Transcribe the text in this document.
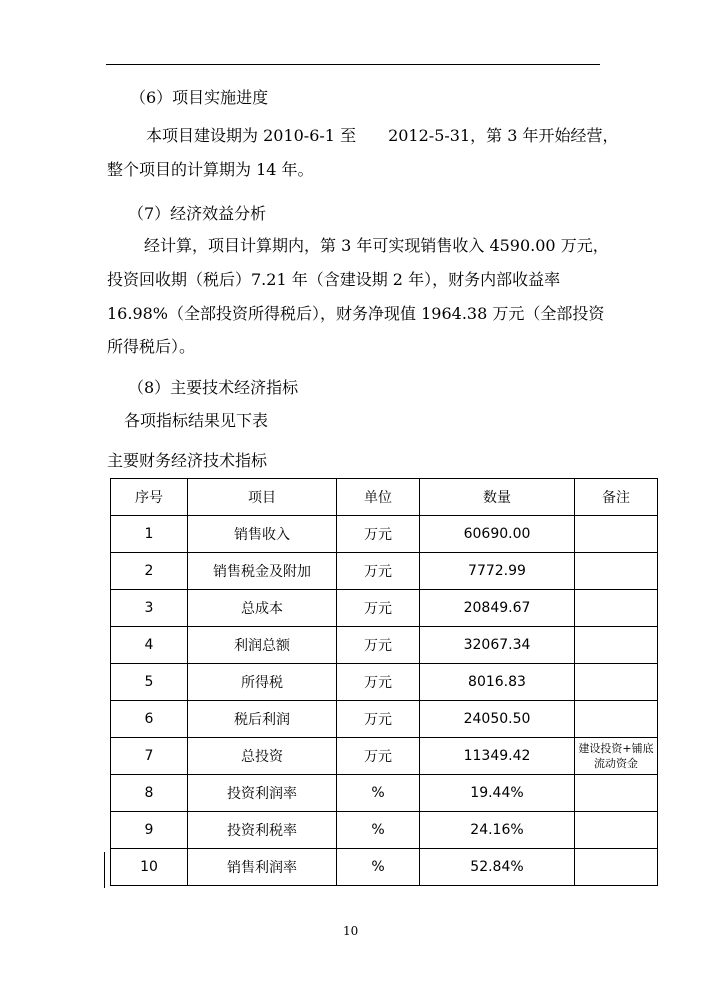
（6）项目实施进度
本项目建设期为 2010-6-1 至　　2012-5-31，第 3 年开始经营，
整个项目的计算期为 14 年。
（7）经济效益分析
经计算，项目计算期内，第 3 年可实现销售收入 4590.00 万元，
投资回收期（税后）7.21 年（含建设期 2 年），财务内部收益率
16.98%（全部投资所得税后），财务净现值 1964.38 万元（全部投资
所得税后）。
（8）主要技术经济指标
各项指标结果见下表
主要财务经济技术指标
序号	项目	单位	数量	备注
1	销售收入	万元	60690.00	
2	销售税金及附加	万元	7772.99	
3	总成本	万元	20849.67	
4	利润总额	万元	32067.34	
5	所得税	万元	8016.83	
6	税后利润	万元	24050.50	
7	总投资	万元	11349.42	建设投资+铺底流动资金
8	投资利润率	%	19.44%	
9	投资利税率	%	24.16%	
10	销售利润率	%	52.84%	
10
